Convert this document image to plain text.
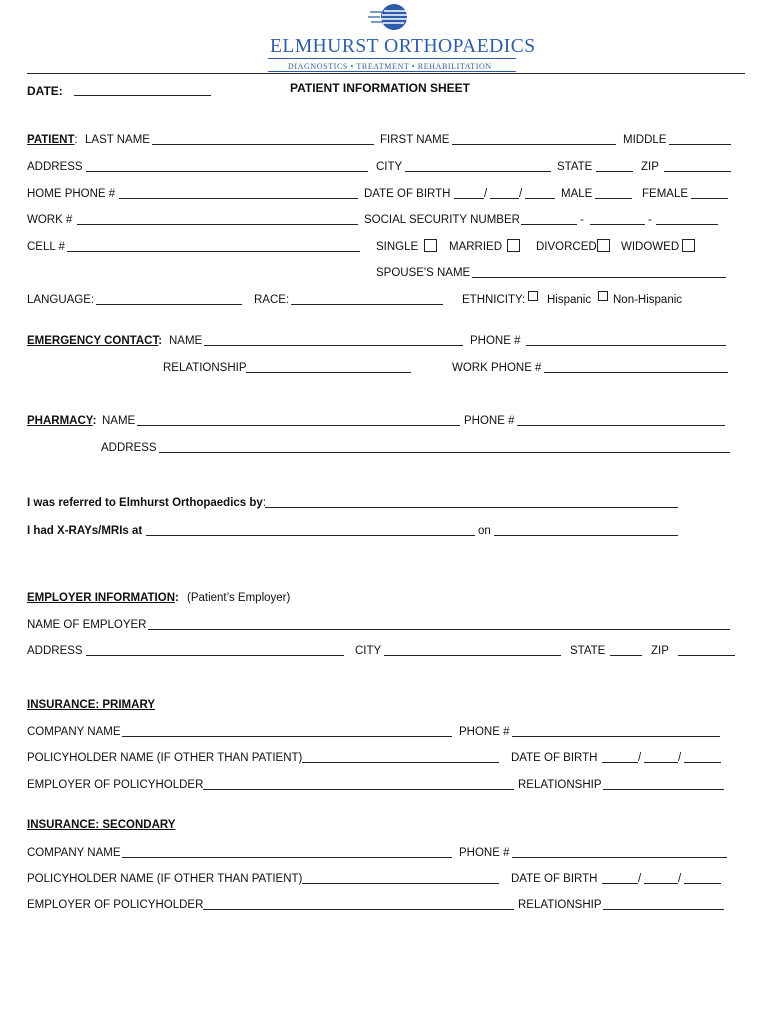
ELMHURST ORTHOPAEDICS
DIAGNOSTICS • TREATMENT • REHABILITATION
DATE:	PATIENT INFORMATION SHEET
PATIENT: LAST NAME	FIRST NAME	MIDDLE
ADDRESS	CITY	STATE	ZIP
HOME PHONE #	DATE OF BIRTH	/	/	MALE	FEMALE
WORK #	SOCIAL SECURITY NUMBER	-	-
CELL #	SINGLE	MARRIED	DIVORCED WIDOWED
SPOUSE'S NAME
LANGUAGE:	RACE:	ETHNICITY: Hispanic Non-Hispanic
EMERGENCY CONTACT: NAME	PHONE #
RELATIONSHIP	WORK PHONE #
PHARMACY: NAME	PHONE #
ADDRESS
I was referred to Elmhurst Orthopaedics by:
I had X-RAYs/MRIs at	on
EMPLOYER INFORMATION: (Patient’s Employer)
NAME OF EMPLOYER
ADDRESS	CITY	STATE	ZIP
INSURANCE: PRIMARY
COMPANY NAME	PHONE #
POLICYHOLDER NAME (IF OTHER THAN PATIENT)	DATE OF BIRTH	/	/
EMPLOYER OF POLICYHOLDER	RELATIONSHIP
INSURANCE: SECONDARY
COMPANY NAME	PHONE #
POLICYHOLDER NAME (IF OTHER THAN PATIENT)	DATE OF BIRTH	/	/
EMPLOYER OF POLICYHOLDER	RELATIONSHIP
